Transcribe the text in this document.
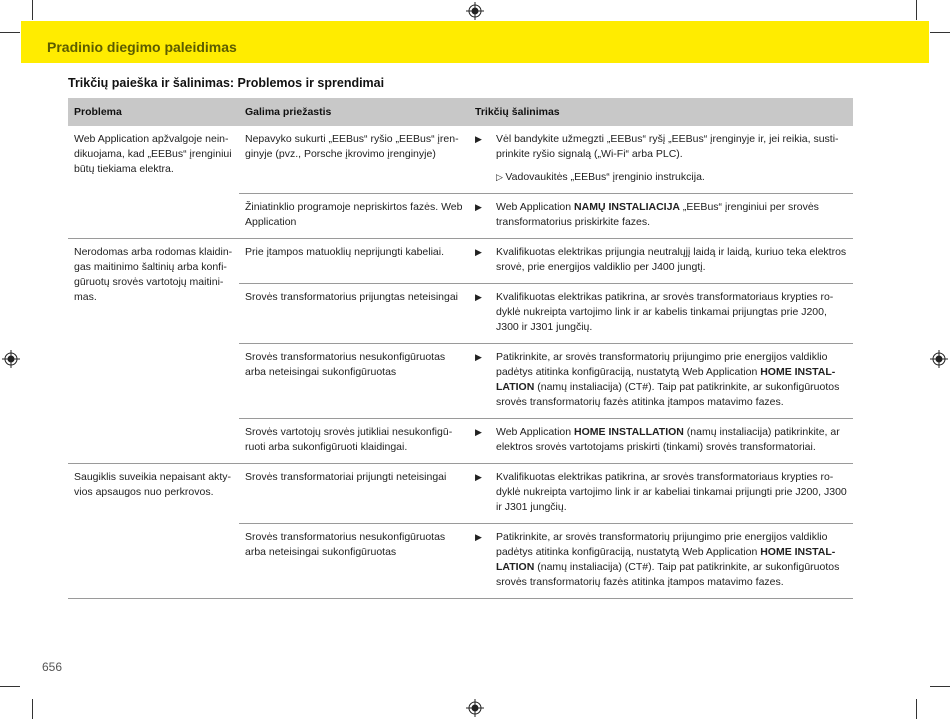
Pradinio diegimo paleidimas
Trikčių paieška ir šalinimas: Problemos ir sprendimai
Problema	Galima priežastis	Trikčių šalinimas
Web Application apžvalgoje neindikuojama, kad „EEBus“ įrenginiui būtų tiekiama elektra.	Nepavyko sukurti „EEBus“ ryšio „EEBus“ įrenginyje (pvz., Porsche įkrovimo įrenginyje)	▶ Vėl bandykite užmegzti „EEBus“ ryšį „EEBus“ įrenginyje ir, jei reikia, sustiprinkite ryšio signalą („Wi-Fi“ arba PLC).
▷ Vadovaukitės „EEBus“ įrenginio instrukcija.

	Žiniatinklio programoje nepriskirtos fazės. Web Application	▶ Web Application NAMŲ INSTALIACIJA „EEBus“ įrenginiui per srovės transformatorius priskirkite fazes.

Nerodomas arba rodomas klaidingas maitinimo šaltinių arba konfigūruotų srovės vartotojų maitinimas.	Prie įtampos matuoklių neprijungti kabeliai.	▶ Kvalifikuotas elektrikas prijungia neutralųjį laidą ir laidą, kuriuo teka elektros srovė, prie energijos valdiklio per J400 jungtį.

	Srovės transformatorius prijungtas neteisingai	▶ Kvalifikuotas elektrikas patikrina, ar srovės transformatoriaus krypties rodyklė nukreipta vartojimo link ir ar kabelis tinkamai prijungtas prie J200, J300 ir J301 jungčių.

	Srovės transformatorius nesukonfigūruotas arba neteisingai sukonfigūruotas	▶ Patikrinkite, ar srovės transformatorių prijungimo prie energijos valdiklio padėtys atitinka konfigūraciją, nustatytą Web Application HOME INSTALLATION (namų instaliacija) (CT#). Taip pat patikrinkite, ar sukonfigūruotos srovės transformatorių fazės atitinka įtampos matavimo fazes.

	Srovės vartotojų srovės jutikliai nesukonfigūruoti arba sukonfigūruoti klaidingai.	▶ Web Application HOME INSTALLATION (namų instaliacija) patikrinkite, ar elektros srovės vartotojams priskirti (tinkami) srovės transformatoriai.

Saugiklis suveikia nepaisant aktyvios apsaugos nuo perkrovos.	Srovės transformatoriai prijungti neteisingai	▶ Kvalifikuotas elektrikas patikrina, ar srovės transformatoriaus krypties rodyklė nukreipta vartojimo link ir ar kabeliai tinkamai prijungti prie J200, J300 ir J301 jungčių.

	Srovės transformatorius nesukonfigūruotas arba neteisingai sukonfigūruotas	▶ Patikrinkite, ar srovės transformatorių prijungimo prie energijos valdiklio padėtys atitinka konfigūraciją, nustatytą Web Application HOME INSTALLATION (namų instaliacija) (CT#). Taip pat patikrinkite, ar sukonfigūruotos srovės transformatorių fazės atitinka įtampos matavimo fazes.
656
